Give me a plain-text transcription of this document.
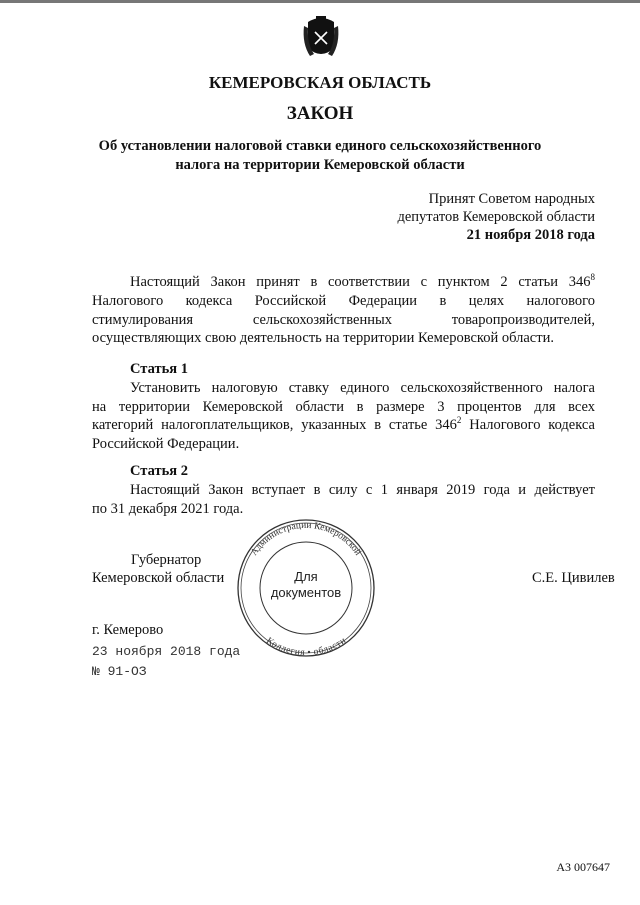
КЕМЕРОВСКАЯ ОБЛАСТЬ
ЗАКОН
Об установлении налоговой ставки единого сельскохозяйственного
налога на территории Кемеровской области
Принят Советом народных
депутатов Кемеровской области
21 ноября 2018 года
Настоящий Закон принят в соответствии с пунктом 2 статьи $346^8$
Налогового кодекса Российской Федерации в целях налогового
стимулирования сельскохозяйственных товаропроизводителей,
осуществляющих свою деятельность на территории Кемеровской области.
Статья 1
Установить налоговую ставку единого сельскохозяйственного налога
на территории Кемеровской области в размере 3 процентов для всех
категорий налогоплательщиков, указанных в статье $346^2$ Налогового кодекса
Российской Федерации.
Статья 2
Настоящий Закон вступает в силу с 1 января 2019 года и действует
по 31 декабря 2021 года.
Губернатор
Кемеровской области	С.Е. Цивилев
Администрации Кемеровской
Коллегия • области
Для
документов
г. Кемерово
23 ноября 2018 года
№ 91-ОЗ
А3 007647
